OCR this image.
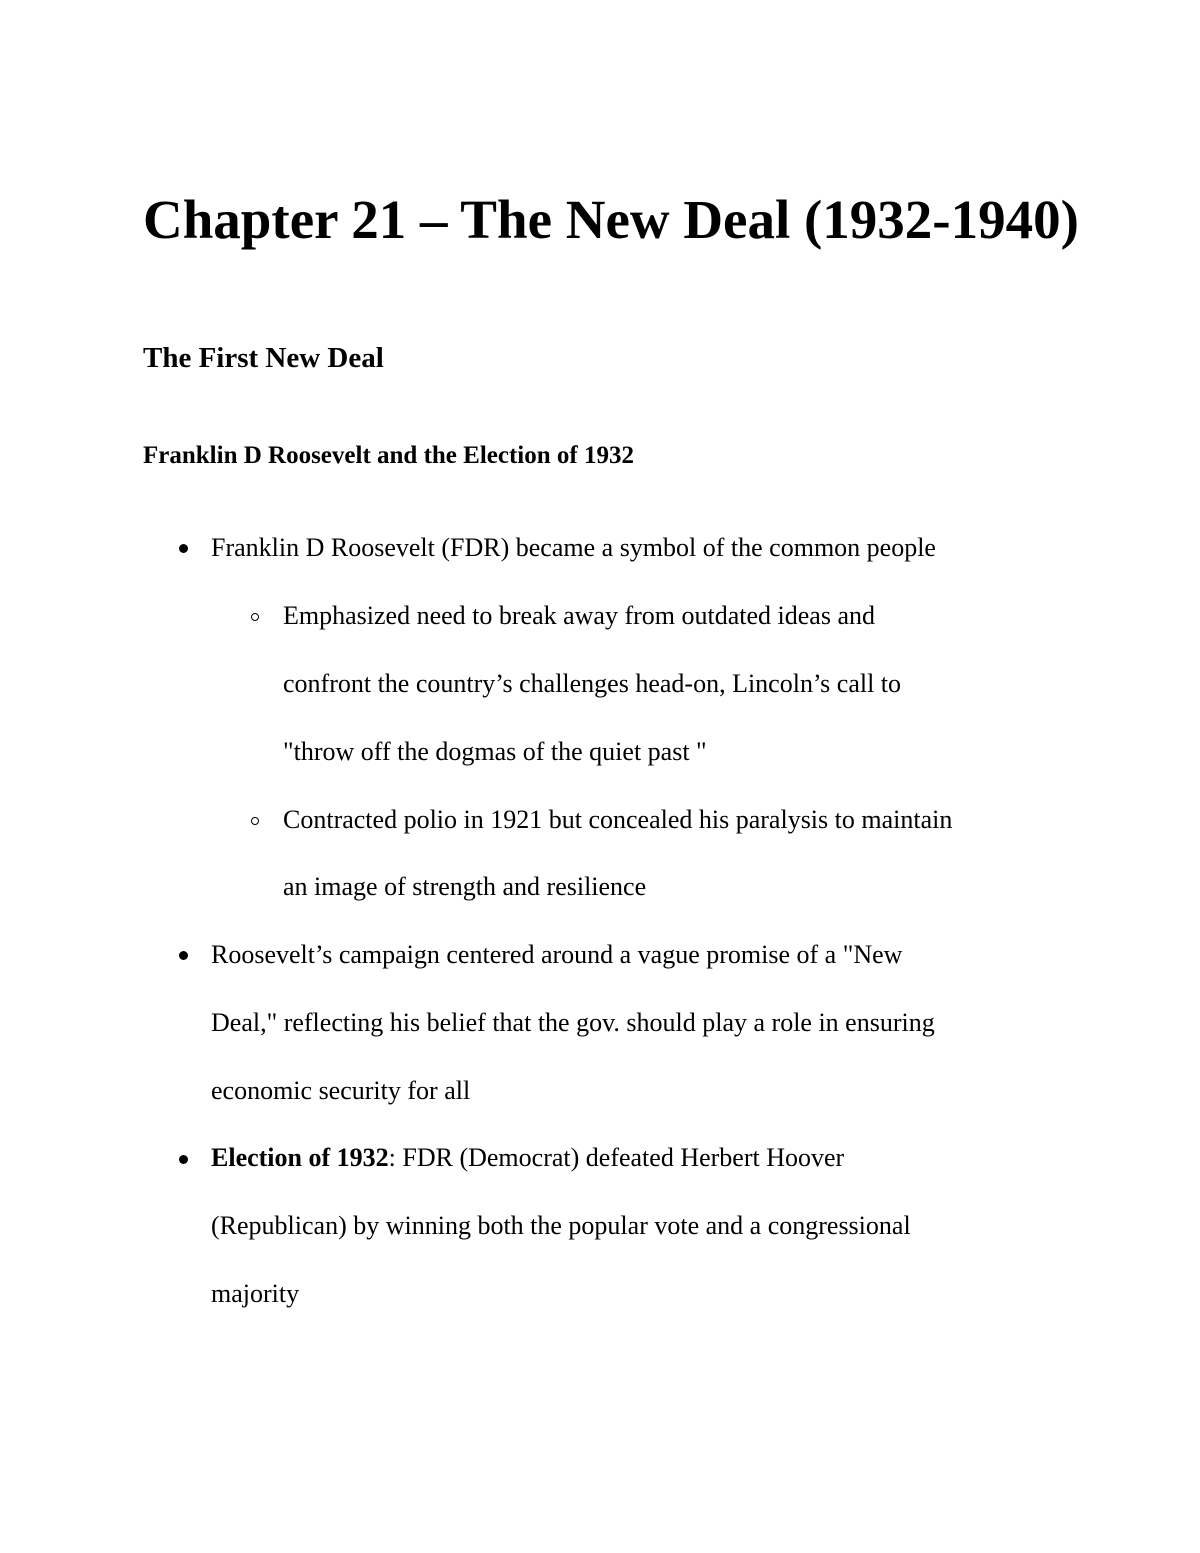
Chapter 21 – The New Deal (1932-1940)
The First New Deal
Franklin D Roosevelt and the Election of 1932

Franklin D Roosevelt (FDR) became a symbol of the common people

Emphasized need to break away from outdated ideas and

confront the country’s challenges head-on, Lincoln’s call to

"throw off the dogmas of the quiet past "

Contracted polio in 1921 but concealed his paralysis to maintain

an image of strength and resilience

Roosevelt’s campaign centered around a vague promise of a "New

Deal," reflecting his belief that the gov. should play a role in ensuring

economic security for all

Election of 1932: FDR (Democrat) defeated Herbert Hoover

(Republican) by winning both the popular vote and a congressional

majority
